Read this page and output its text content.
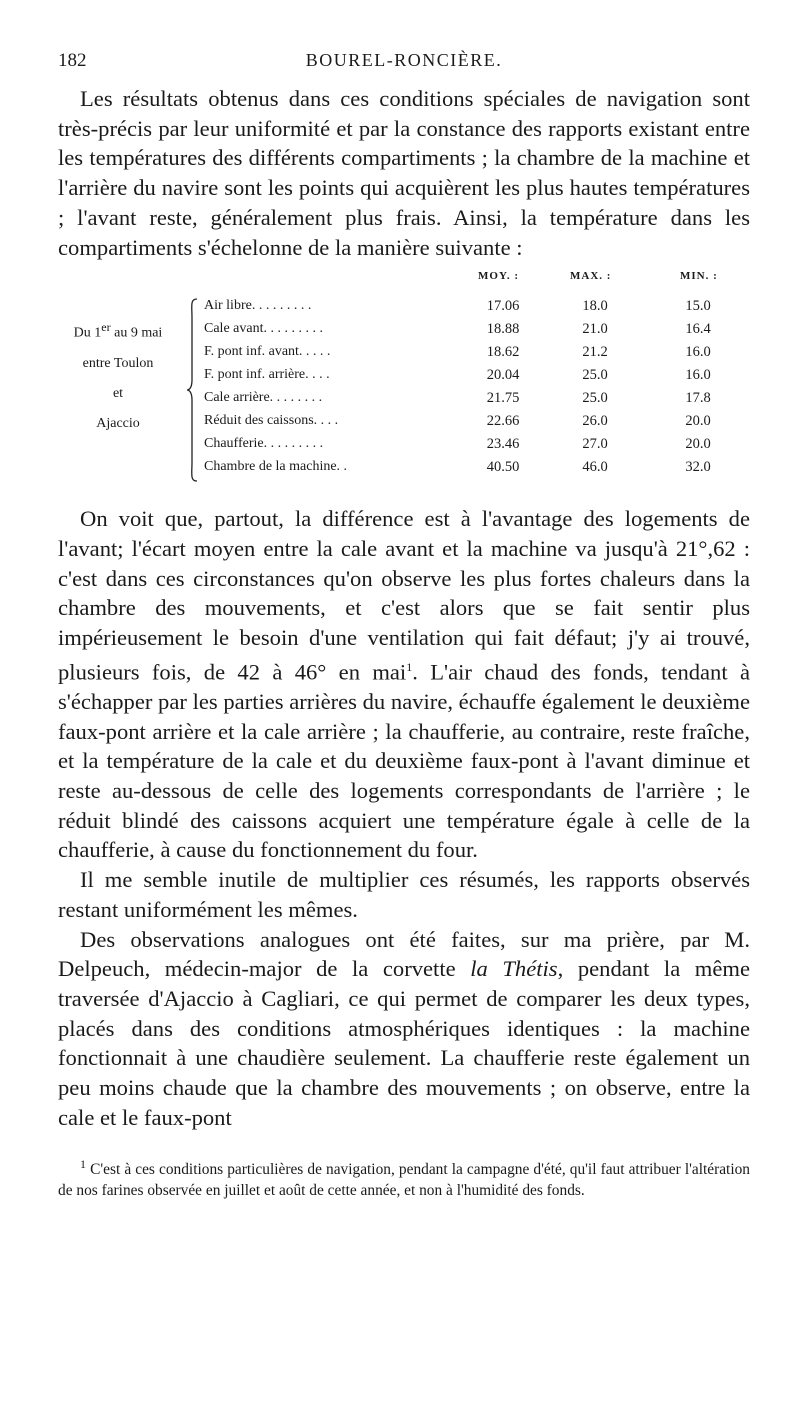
182	BOUREL-RONCIÈRE.

Les résultats obtenus dans ces conditions spéciales de navigation sont très-précis par leur uniformité et par la constance des rapports existant entre les températures des différents compartiments ; la chambre de la machine et l'arrière du navire sont les points qui acquièrent les plus hautes températures ; l'avant reste, généralement plus frais. Ainsi, la température dans les compartiments s'échelonne de la manière suivante :

MOY. :	MAX. :	MIN. :
Du 1er au 9 mai
entre Toulon
et
Ajaccio
Air libre. . . . . . . . .	17.06	18.0	15.0
Cale avant. . . . . . . . .	18.88	21.0	16.4
F. pont inf. avant. . . . .	18.62	21.2	16.0
F. pont inf. arrière. . . .	20.04	25.0	16.0
Cale arrière. . . . . . . .	21.75	25.0	17.8
Réduit des caissons. . . .	22.66	26.0	20.0
Chaufferie. . . . . . . . .	23.46	27.0	20.0
Chambre de la machine. .	40.50	46.0	32.0

On voit que, partout, la différence est à l'avantage des logements de l'avant; l'écart moyen entre la cale avant et la machine va jusqu'à 21°,62 : c'est dans ces circonstances qu'on observe les plus fortes chaleurs dans la chambre des mouvements, et c'est alors que se fait sentir plus impérieusement le besoin d'une ventilation qui fait défaut; j'y ai trouvé, plusieurs fois, de 42 à 46° en mai$^1$. L'air chaud des fonds, tendant à s'échapper par les parties arrières du navire, échauffe également le deuxième faux-pont arrière et la cale arrière ; la chaufferie, au contraire, reste fraîche, et la température de la cale et du deuxième faux-pont à l'avant diminue et reste au-dessous de celle des logements correspondants de l'arrière ; le réduit blindé des caissons acquiert une température égale à celle de la chaufferie, à cause du fonctionnement du four.

Il me semble inutile de multiplier ces résumés, les rapports observés restant uniformément les mêmes.

Des observations analogues ont été faites, sur ma prière, par M. Delpeuch, médecin-major de la corvette la Thétis, pendant la même traversée d'Ajaccio à Cagliari, ce qui permet de comparer les deux types, placés dans des conditions atmosphériques identiques : la machine fonctionnait à une chaudière seulement. La chaufferie reste également un peu moins chaude que la chambre des mouvements ; on observe, entre la cale et le faux-pont

$^1$ C'est à ces conditions particulières de navigation, pendant la campagne d'été, qu'il faut attribuer l'altération de nos farines observée en juillet et août de cette année, et non à l'humidité des fonds.
